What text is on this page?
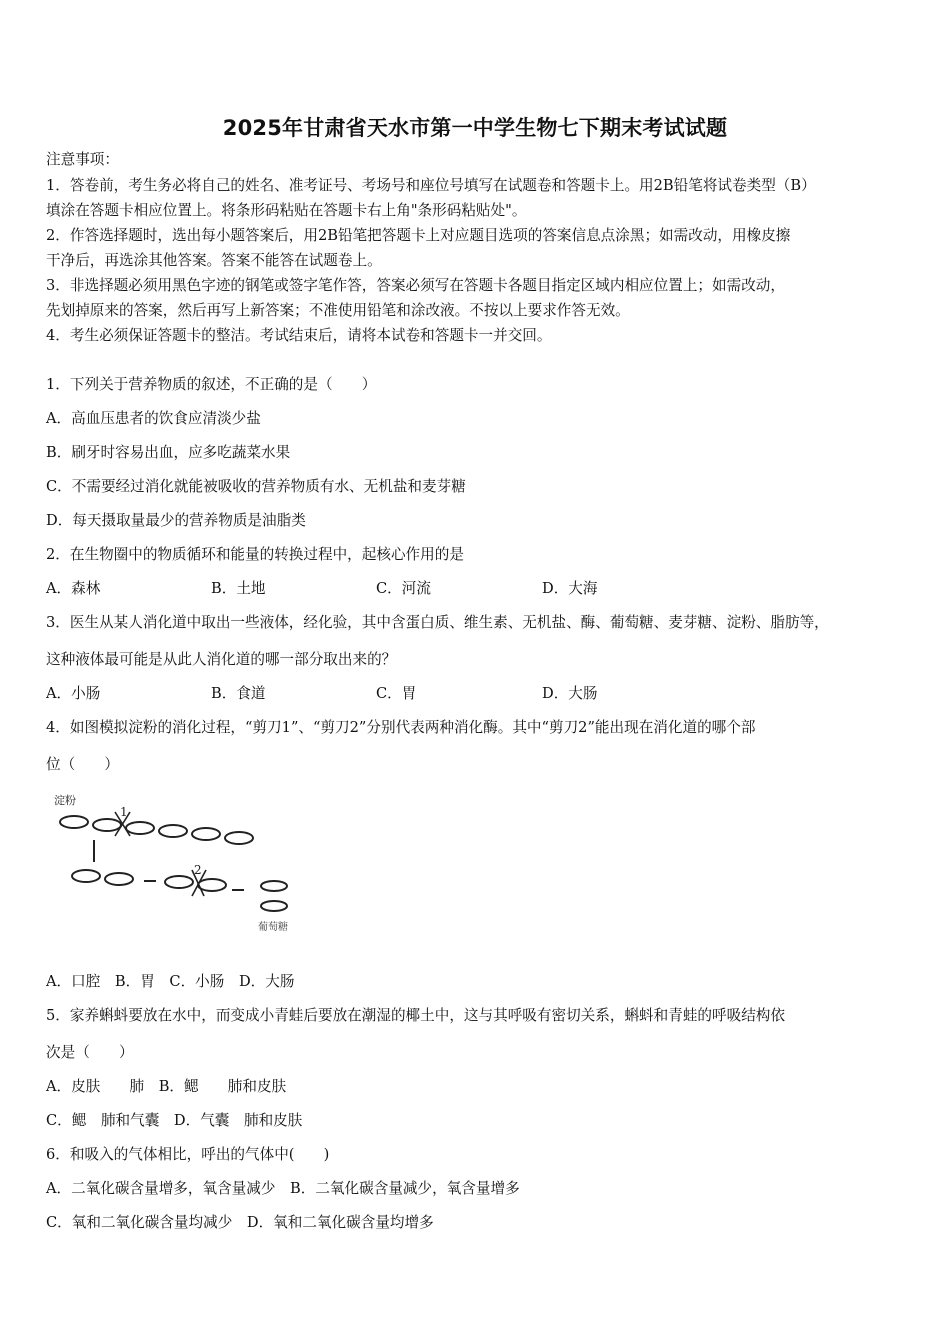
2025年甘肃省天水市第一中学生物七下期末考试试题
注意事项：
1．答卷前，考生务必将自己的姓名、准考证号、考场号和座位号填写在试题卷和答题卡上。用2B铅笔将试卷类型（B）
填涂在答题卡相应位置上。将条形码粘贴在答题卡右上角"条形码粘贴处"。
2．作答选择题时，选出每小题答案后，用2B铅笔把答题卡上对应题目选项的答案信息点涂黑；如需改动，用橡皮擦
干净后，再选涂其他答案。答案不能答在试题卷上。
3．非选择题必须用黑色字迹的钢笔或签字笔作答，答案必须写在答题卡各题目指定区域内相应位置上；如需改动，
先划掉原来的答案，然后再写上新答案；不准使用铅笔和涂改液。不按以上要求作答无效。
4．考生必须保证答题卡的整洁。考试结束后，请将本试卷和答题卡一并交回。
1．下列关于营养物质的叙述，不正确的是（　　）
A．高血压患者的饮食应清淡少盐
B．刷牙时容易出血，应多吃蔬菜水果
C．不需要经过消化就能被吸收的营养物质有水、无机盐和麦芽糖
D．每天摄取量最少的营养物质是油脂类
2．在生物圈中的物质循环和能量的转换过程中，起核心作用的是
A．森林	B．土地	C．河流	D．大海
3．医生从某人消化道中取出一些液体，经化验，其中含蛋白质、维生素、无机盐、酶、葡萄糖、麦芽糖、淀粉、脂肪等，
这种液体最可能是从此人消化道的哪一部分取出来的？
A．小肠	B．食道	C．胃	D．大肠
4．如图模拟淀粉的消化过程，“剪刀1”、“剪刀2”分别代表两种消化酶。其中“剪刀2”能出现在消化道的哪个部
位（　　）
淀粉
1
2
葡萄糖
A．口腔　B．胃　C．小肠　D．大肠
5．家养蝌蚪要放在水中，而变成小青蛙后要放在潮湿的椰土中，这与其呼吸有密切关系，蝌蚪和青蛙的呼吸结构依
次是（　　）
A．皮肤　　肺　B．鳃　　肺和皮肤
C．鳃　肺和气囊　D．气囊　肺和皮肤
6．和吸入的气体相比，呼出的气体中(　　)
A．二氧化碳含量增多，氧含量减少　B．二氧化碳含量减少，氧含量增多
C．氧和二氧化碳含量均减少　D．氧和二氧化碳含量均增多
